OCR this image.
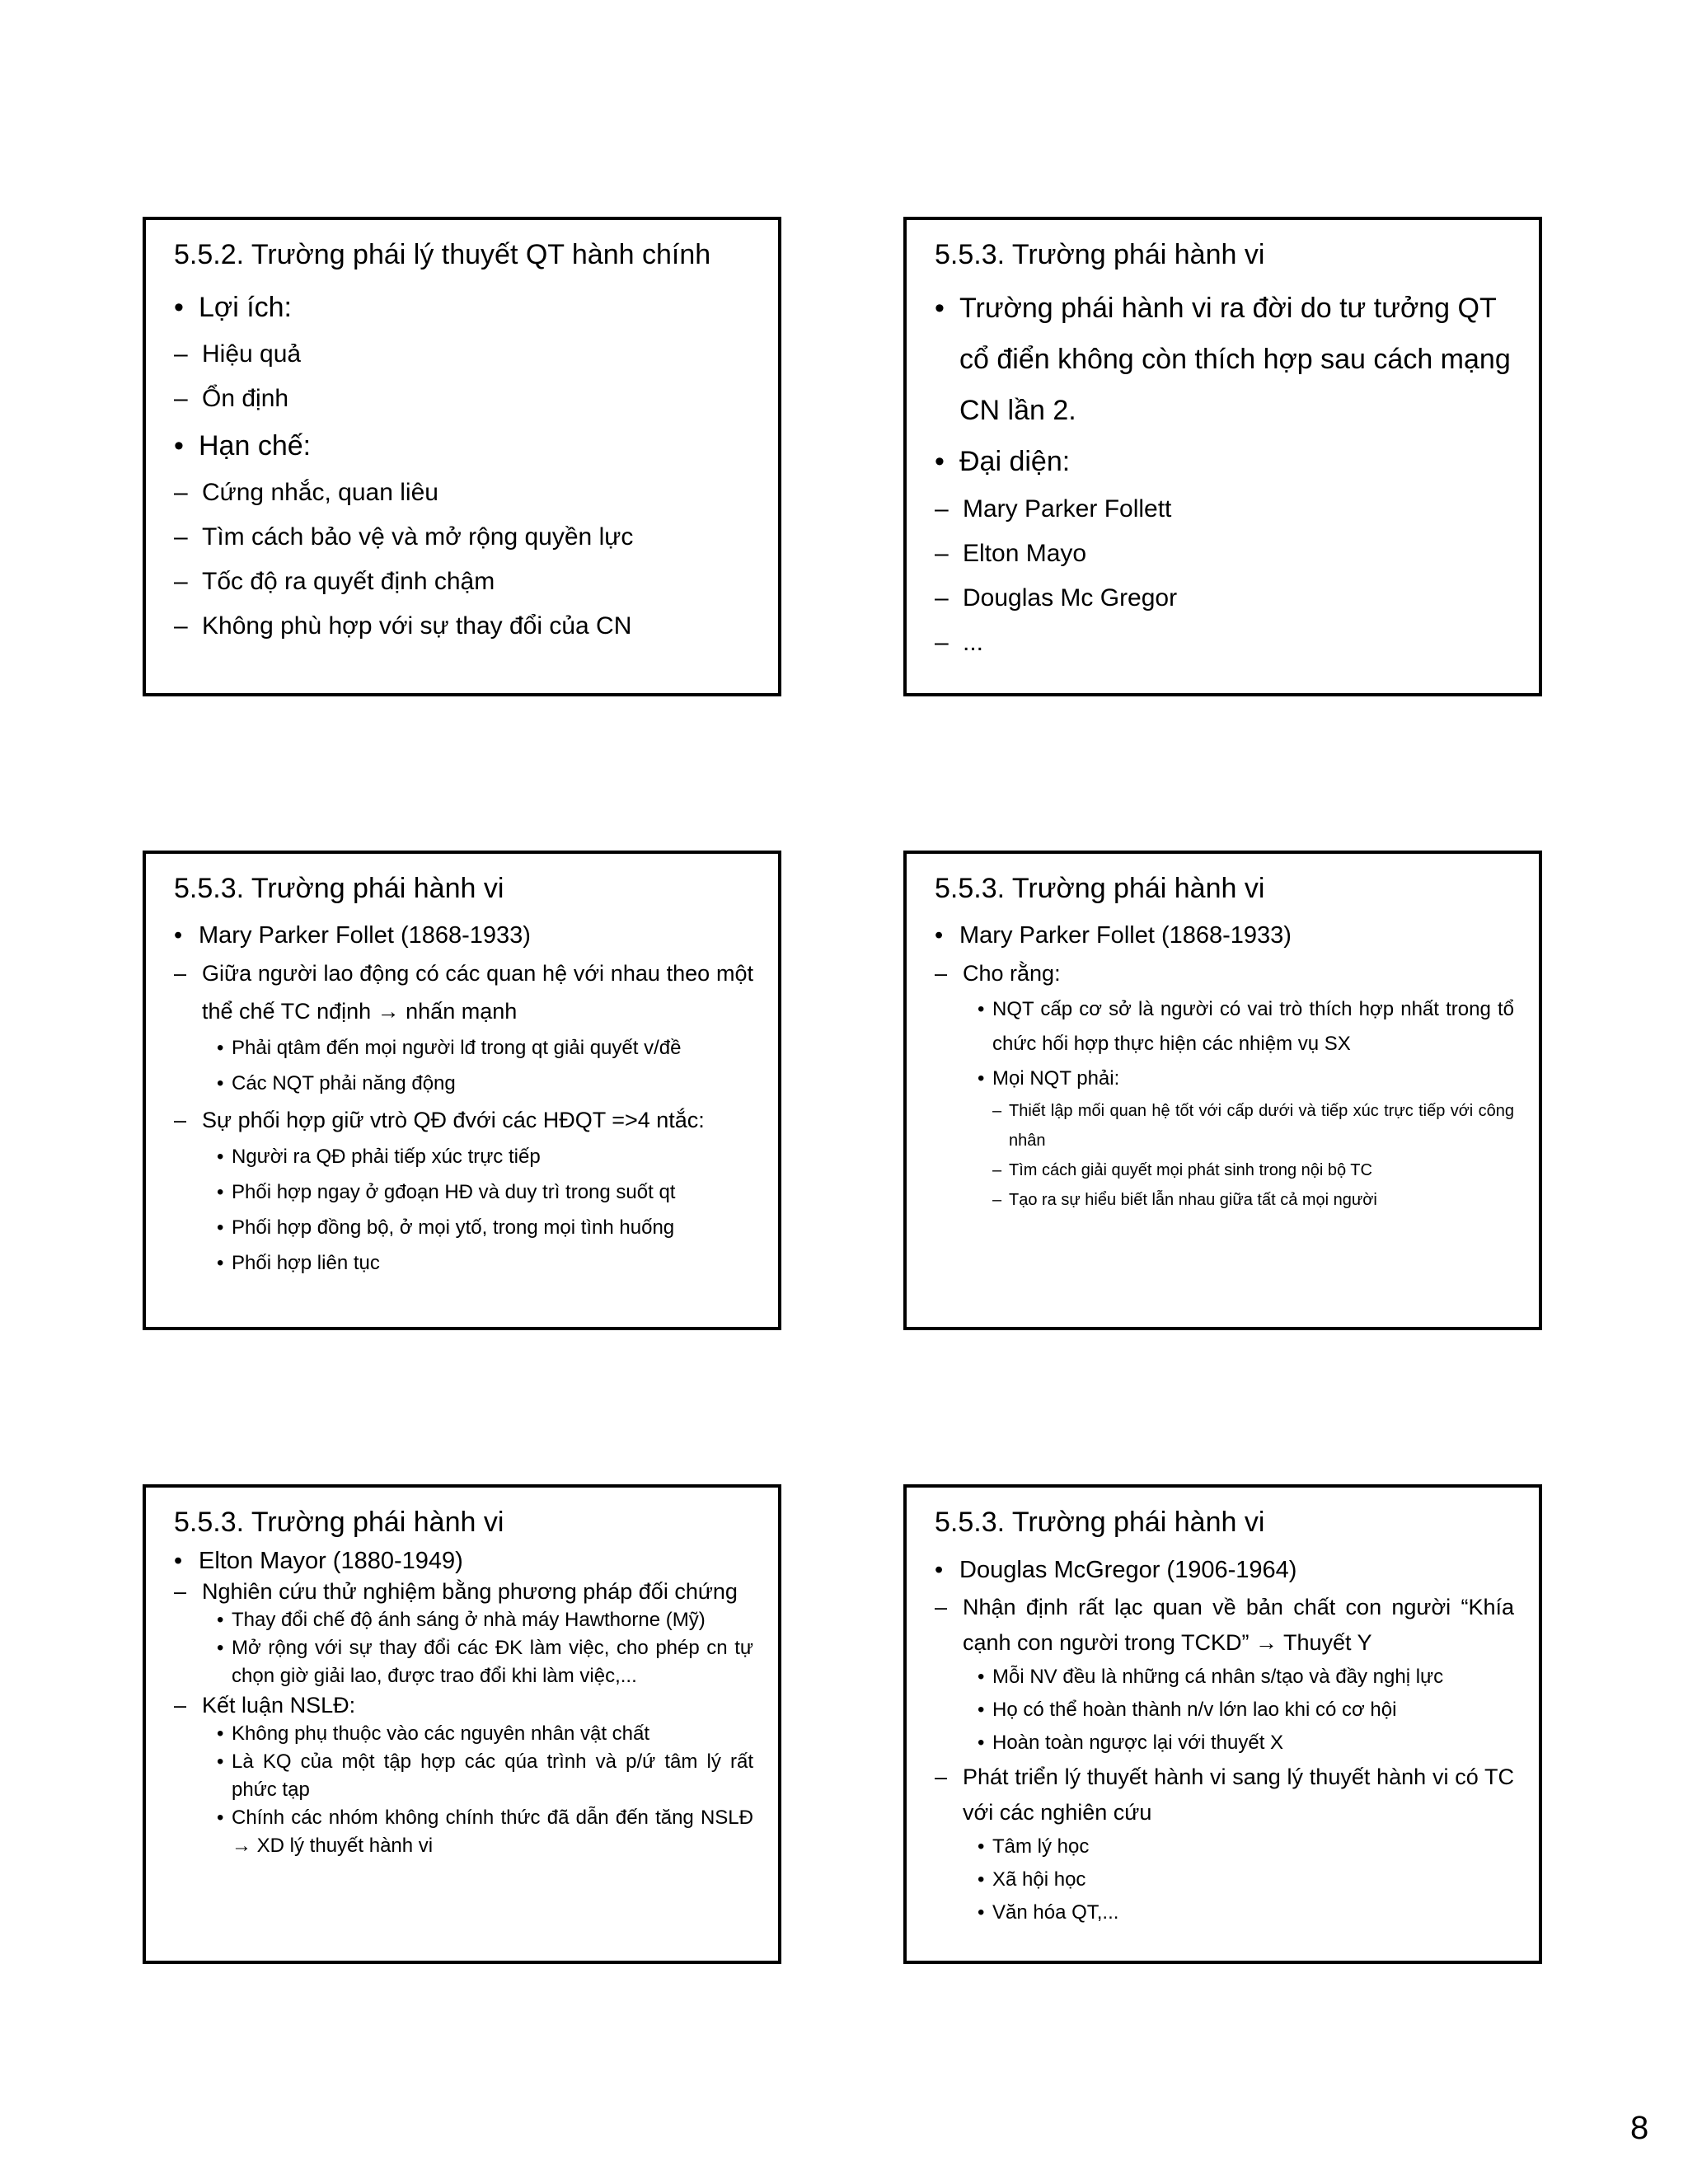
5.5.2. Trường phái lý thuyết QT hành chính
• Lợi ích:
– Hiệu quả
– Ổn định
• Hạn chế:
– Cứng nhắc, quan liêu
– Tìm cách bảo vệ và mở rộng quyền lực
– Tốc độ ra quyết định chậm
– Không phù hợp với sự thay đổi của CN
5.5.3. Trường phái hành vi
• Trường phái hành vi ra đời do tư tưởng QT cổ điển không còn thích hợp sau cách mạng CN lần 2.
• Đại diện:
– Mary Parker Follett
– Elton Mayo
– Douglas Mc Gregor
– ...
5.5.3. Trường phái hành vi
• Mary Parker Follet (1868-1933)
– Giữa người lao động có các quan hệ với nhau theo một thể chế TC nđịnh → nhấn mạnh
• Phải qtâm đến mọi người lđ trong qt giải quyết v/đề
• Các NQT phải năng động
– Sự phối hợp giữ vtrò QĐ đvới các HĐQT =>4 ntắc:
• Người ra QĐ phải tiếp xúc trực tiếp
• Phối hợp ngay ở gđoạn HĐ và duy trì trong suốt qt
• Phối hợp đồng bộ, ở mọi ytố, trong mọi tình huống
• Phối hợp liên tục
5.5.3. Trường phái hành vi
• Mary Parker Follet (1868-1933)
– Cho rằng:
• NQT cấp cơ sở là người có vai trò thích hợp nhất trong tổ chức hối hợp thực hiện các nhiệm vụ SX
• Mọi NQT phải:
– Thiết lập mối quan hệ tốt với cấp dưới và tiếp xúc trực tiếp với công nhân
– Tìm cách giải quyết mọi phát sinh trong nội bộ TC
– Tạo ra sự hiểu biết lẫn nhau giữa tất cả mọi người
5.5.3. Trường phái hành vi
• Elton Mayor (1880-1949)
– Nghiên cứu thử nghiệm bằng phương pháp đối chứng
• Thay đổi chế độ ánh sáng ở nhà máy Hawthorne (Mỹ)
• Mở rộng với sự thay đổi các ĐK làm việc, cho phép cn tự chọn giờ giải lao, được trao đổi khi làm việc,...
– Kết luận NSLĐ:
• Không phụ thuộc vào các nguyên nhân vật chất
• Là KQ của một tập hợp các qúa trình và p/ứ tâm lý rất phức tạp
• Chính các nhóm không chính thức đã dẫn đến tăng NSLĐ → XD lý thuyết hành vi
5.5.3. Trường phái hành vi
• Douglas McGregor (1906-1964)
– Nhận định rất lạc quan về bản chất con người “Khía cạnh con người trong TCKD” → Thuyết Y
• Mỗi NV đều là những cá nhân s/tạo và đầy nghị lực
• Họ có thể hoàn thành n/v lớn lao khi có cơ hội
• Hoàn toàn ngược lại với thuyết X
– Phát triển lý thuyết hành vi sang lý thuyết hành vi có TC với các nghiên cứu
• Tâm lý học
• Xã hội học
• Văn hóa QT,...
8
